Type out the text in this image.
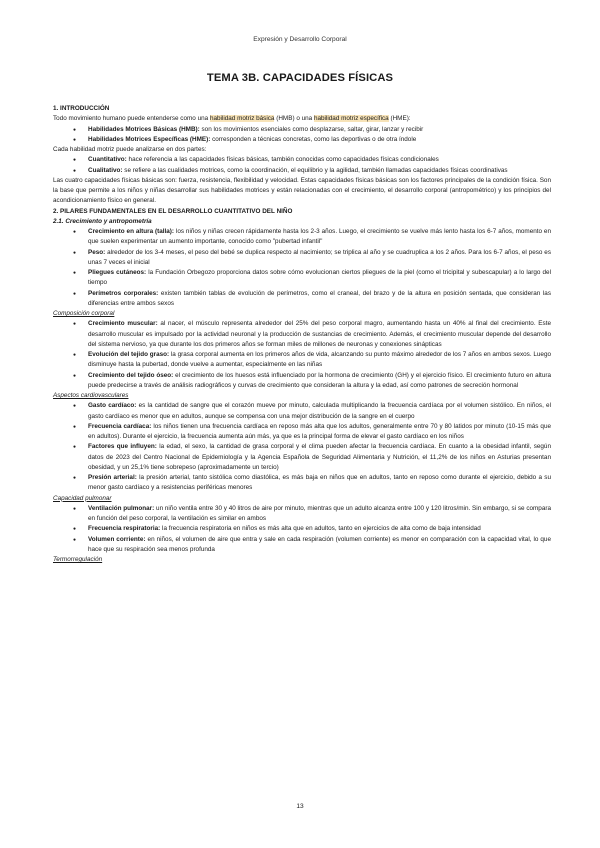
Expresión y Desarrollo Corporal
TEMA 3B. CAPACIDADES FÍSICAS

1. INTRODUCCIÓN

Todo movimiento humano puede entenderse como una habilidad motriz básica (HMB) o una habilidad motriz específica (HME):

● Habilidades Motrices Básicas (HMB): son los movimientos esenciales como desplazarse, saltar, girar, lanzar y recibir
● Habilidades Motrices Específicas (HME): corresponden a técnicas concretas, como las deportivas o de otra índole

Cada habilidad motriz puede analizarse en dos partes:

● Cuantitativo: hace referencia a las capacidades físicas básicas, también conocidas como capacidades físicas condicionales
● Cualitativo: se refiere a las cualidades motrices, como la coordinación, el equilibrio y la agilidad, también llamadas capacidades físicas coordinativas

Las cuatro capacidades físicas básicas son: fuerza, resistencia, flexibilidad y velocidad. Estas capacidades físicas básicas son los factores principales de la condición física. Son la base que permite a los niños y niñas desarrollar sus habilidades motrices y están relacionadas con el crecimiento, el desarrollo corporal (antropométrico) y los principios del acondicionamiento físico en general.

2. PILARES FUNDAMENTALES EN EL DESARROLLO CUANTITATIVO DEL NIÑO

2.1. Crecimiento y antropometría

● Crecimiento en altura (talla): los niños y niñas crecen rápidamente hasta los 2-3 años. Luego, el crecimiento se vuelve más lento hasta los 6-7 años, momento en que suelen experimentar un aumento importante, conocido como "pubertad infantil"
● Peso: alrededor de los 3-4 meses, el peso del bebé se duplica respecto al nacimiento; se triplica al año y se cuadruplica a los 2 años. Para los 6-7 años, el peso es unas 7 veces el inicial
● Pliegues cutáneos: la Fundación Orbegozo proporciona datos sobre cómo evolucionan ciertos pliegues de la piel (como el tricipital y subescapular) a lo largo del tiempo
● Perímetros corporales: existen también tablas de evolución de perímetros, como el craneal, del brazo y de la altura en posición sentada, que consideran las diferencias entre ambos sexos

Composición corporal

● Crecimiento muscular: al nacer, el músculo representa alrededor del 25% del peso corporal magro, aumentando hasta un 40% al final del crecimiento. Este desarrollo muscular es impulsado por la actividad neuronal y la producción de sustancias de crecimiento. Además, el crecimiento muscular depende del desarrollo del sistema nervioso, ya que durante los dos primeros años se forman miles de millones de neuronas y conexiones sinápticas
● Evolución del tejido graso: la grasa corporal aumenta en los primeros años de vida, alcanzando su punto máximo alrededor de los 7 años en ambos sexos. Luego disminuye hasta la pubertad, donde vuelve a aumentar, especialmente en las niñas
● Crecimiento del tejido óseo: el crecimiento de los huesos está influenciado por la hormona de crecimiento (GH) y el ejercicio físico. El crecimiento futuro en altura puede predecirse a través de análisis radiográficos y curvas de crecimiento que consideran la altura y la edad, así como patrones de secreción hormonal

Aspectos cardiovasculares

● Gasto cardíaco: es la cantidad de sangre que el corazón mueve por minuto, calculada multiplicando la frecuencia cardíaca por el volumen sistólico. En niños, el gasto cardíaco es menor que en adultos, aunque se compensa con una mejor distribución de la sangre en el cuerpo
● Frecuencia cardíaca: los niños tienen una frecuencia cardíaca en reposo más alta que los adultos, generalmente entre 70 y 80 latidos por minuto (10-15 más que en adultos). Durante el ejercicio, la frecuencia aumenta aún más, ya que es la principal forma de elevar el gasto cardíaco en los niños
● Factores que influyen: la edad, el sexo, la cantidad de grasa corporal y el clima pueden afectar la frecuencia cardíaca. En cuanto a la obesidad infantil, según datos de 2023 del Centro Nacional de Epidemiología y la Agencia Española de Seguridad Alimentaria y Nutrición, el 11,2% de los niños en Asturias presentan obesidad, y un 25,1% tiene sobrepeso (aproximadamente un tercio)
● Presión arterial: la presión arterial, tanto sistólica como diastólica, es más baja en niños que en adultos, tanto en reposo como durante el ejercicio, debido a su menor gasto cardíaco y a resistencias periféricas menores

Capacidad pulmonar

● Ventilación pulmonar: un niño ventila entre 30 y 40 litros de aire por minuto, mientras que un adulto alcanza entre 100 y 120 litros/min. Sin embargo, si se compara en función del peso corporal, la ventilación es similar en ambos
● Frecuencia respiratoria: la frecuencia respiratoria en niños es más alta que en adultos, tanto en ejercicios de alta como de baja intensidad
● Volumen corriente: en niños, el volumen de aire que entra y sale en cada respiración (volumen corriente) es menor en comparación con la capacidad vital, lo que hace que su respiración sea menos profunda

Termorregulación

13
